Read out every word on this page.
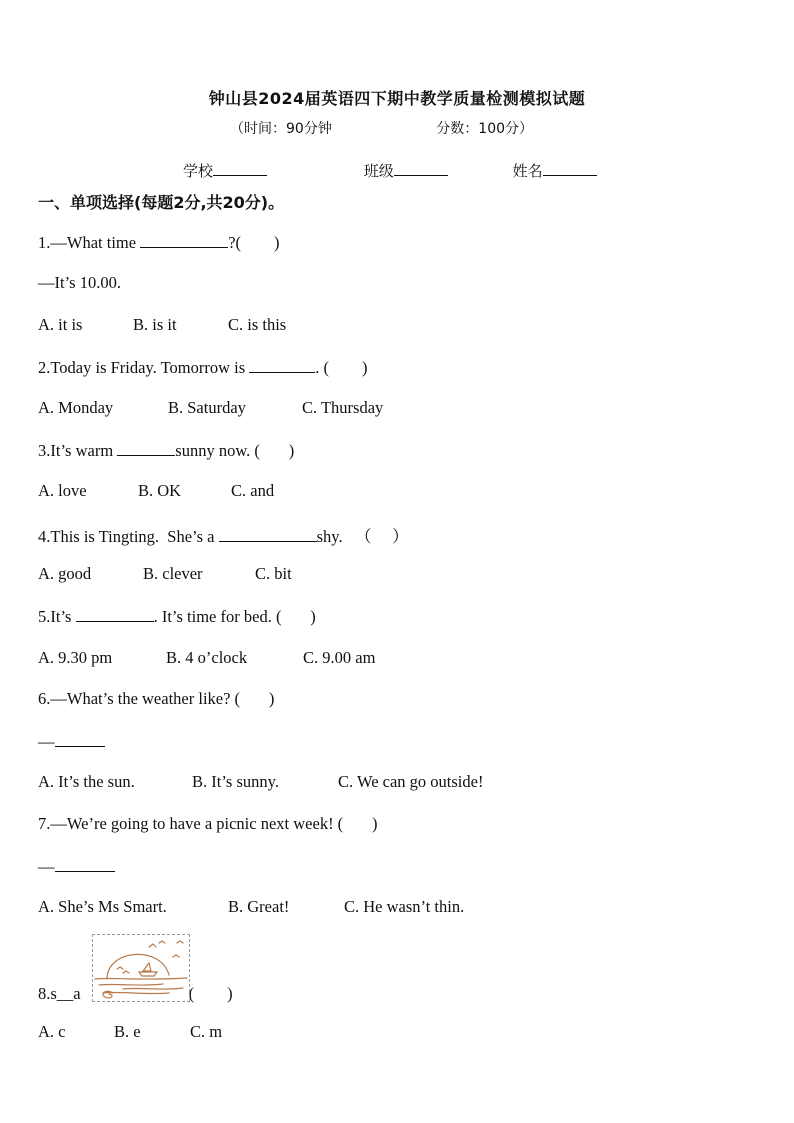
钟山县2024届英语四下期中教学质量检测模拟试题
（时间：90分钟	分数：100分）
学校	班级	姓名
一、单项选择(每题2分,共20分)。
1.—What time	?(        )
—It’s 10.00.
A. it is	B. is it	C. is this
2.Today is Friday. Tomorrow is	. (        )
A. Monday	B. Saturday	C. Thursday
3.It’s warm	sunny now. (       )
A. love	B. OK	C. and
4.This is Tingting.  She’s a	shy.   （     ）
A. good	B. clever	C. bit
5.It’s	. It’s time for bed. (       )
A. 9.30 pm	B. 4 o’clock	C. 9.00 am
6.—What’s the weather like? (       )
—
A. It’s the sun.	B. It’s sunny.	C. We can go outside!
7.—We’re going to have a picnic next week! (       )
—
A. She’s Ms Smart.	B. Great!	C. He wasn’t thin.
8.s__a	(        )
A. c	B. e	C. m
